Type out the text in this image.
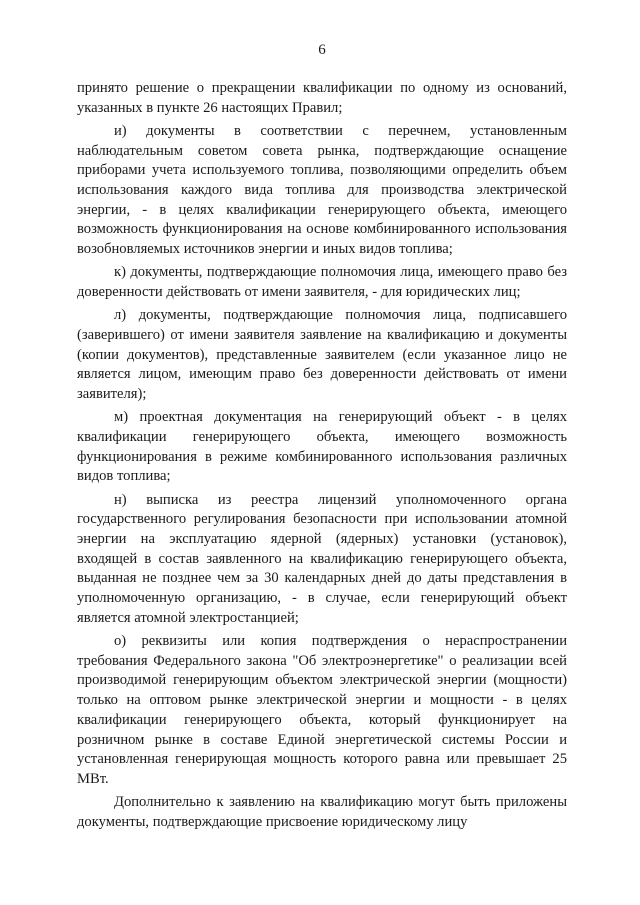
6

принято решение о прекращении квалификации по одному из оснований, указанных в пункте 26 настоящих Правил;

и) документы в соответствии с перечнем, установленным наблюдательным советом совета рынка, подтверждающие оснащение приборами учета используемого топлива, позволяющими определить объем использования каждого вида топлива для производства электрической энергии, - в целях квалификации генерирующего объекта, имеющего возможность функционирования на основе комбинированного использования возобновляемых источников энергии и иных видов топлива;

к) документы, подтверждающие полномочия лица, имеющего право без доверенности действовать от имени заявителя, - для юридических лиц;

л) документы, подтверждающие полномочия лица, подписавшего (заверившего) от имени заявителя заявление на квалификацию и документы (копии документов), представленные заявителем (если указанное лицо не является лицом, имеющим право без доверенности действовать от имени заявителя);

м) проектная документация на генерирующий объект - в целях квалификации генерирующего объекта, имеющего возможность функционирования в режиме комбинированного использования различных видов топлива;

н) выписка из реестра лицензий уполномоченного органа государственного регулирования безопасности при использовании атомной энергии на эксплуатацию ядерной (ядерных) установки (установок), входящей в состав заявленного на квалификацию генерирующего объекта, выданная не позднее чем за 30 календарных дней до даты представления в уполномоченную организацию, - в случае, если генерирующий объект является атомной электростанцией;

о) реквизиты или копия подтверждения о нераспространении требования Федерального закона "Об электроэнергетике" о реализации всей производимой генерирующим объектом электрической энергии (мощности) только на оптовом рынке электрической энергии и мощности - в целях квалификации генерирующего объекта, который функционирует на розничном рынке в составе Единой энергетической системы России и установленная генерирующая мощность которого равна или превышает 25 МВт.

Дополнительно к заявлению на квалификацию могут быть приложены документы, подтверждающие присвоение юридическому лицу
